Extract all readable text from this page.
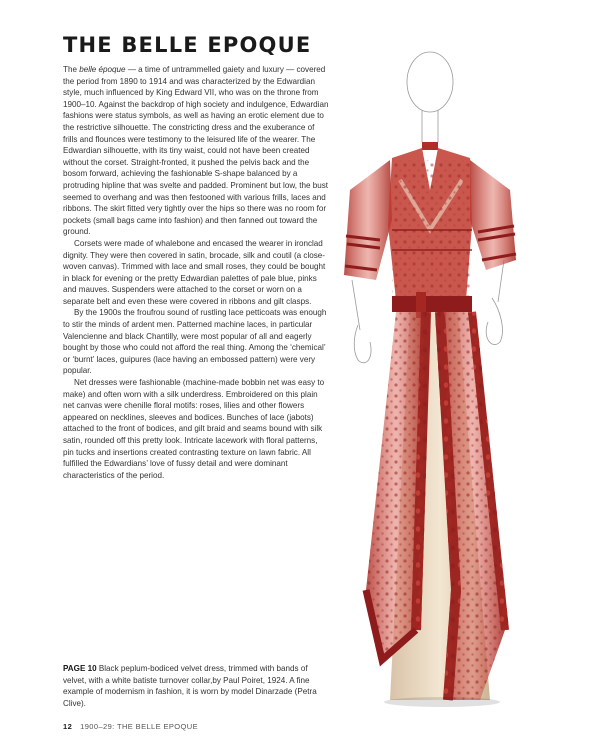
THE BELLE EPOQUE

The belle époque — a time of untrammelled gaiety and luxury — covered the period from 1890 to 1914 and was characterized by the Edwardian style, much influenced by King Edward VII, who was on the throne from 1900–10. Against the backdrop of high society and indulgence, Edwardian fashions were status symbols, as well as having an erotic element due to the restrictive silhouette. The constricting dress and the exuberance of frills and flounces were testimony to the leisured life of the wearer. The Edwardian silhouette, with its tiny waist, could not have been created without the corset. Straight-fronted, it pushed the pelvis back and the bosom forward, achieving the fashionable S-shape balanced by a protruding hipline that was svelte and padded. Prominent but low, the bust seemed to overhang and was then festooned with various frills, laces and ribbons. The skirt fitted very tightly over the hips so there was no room for pockets (small bags came into fashion) and then fanned out toward the ground.

Corsets were made of whalebone and encased the wearer in ironclad dignity. They were then covered in satin, brocade, silk and coutil (a close-woven canvas). Trimmed with lace and small roses, they could be bought in black for evening or the pretty Edwardian palettes of pale blue, pinks and mauves. Suspenders were attached to the corset or worn on a separate belt and even these were covered in ribbons and gilt clasps.

By the 1900s the froufrou sound of rustling lace petticoats was enough to stir the minds of ardent men. Patterned machine laces, in particular Valencienne and black Chantilly, were most popular of all and eagerly bought by those who could not afford the real thing. Among the ‘chemical’ or ‘burnt’ laces, guipures (lace having an embossed pattern) were very popular.

Net dresses were fashionable (machine-made bobbin net was easy to make) and often worn with a silk underdress. Embroidered on this plain net canvas were chenille floral motifs: roses, lilies and other flowers appeared on necklines, sleeves and bodices. Bunches of lace (jabots) attached to the front of bodices, and gilt braid and seams bound with silk satin, rounded off this pretty look. Intricate lacework with floral patterns, pin tucks and insertions created contrasting texture on lawn fabric. All fulfilled the Edwardians’ love of fussy detail and were dominant characteristics of the period.

PAGE 10 Black peplum-bodiced velvet dress, trimmed with bands of velvet, with a white batiste turnover collar,by Paul Poiret, 1924. A fine example of modernism in fashion, it is worn by model Dinarzade (Petra Clive).
12 1900–29: THE BELLE EPOQUE
